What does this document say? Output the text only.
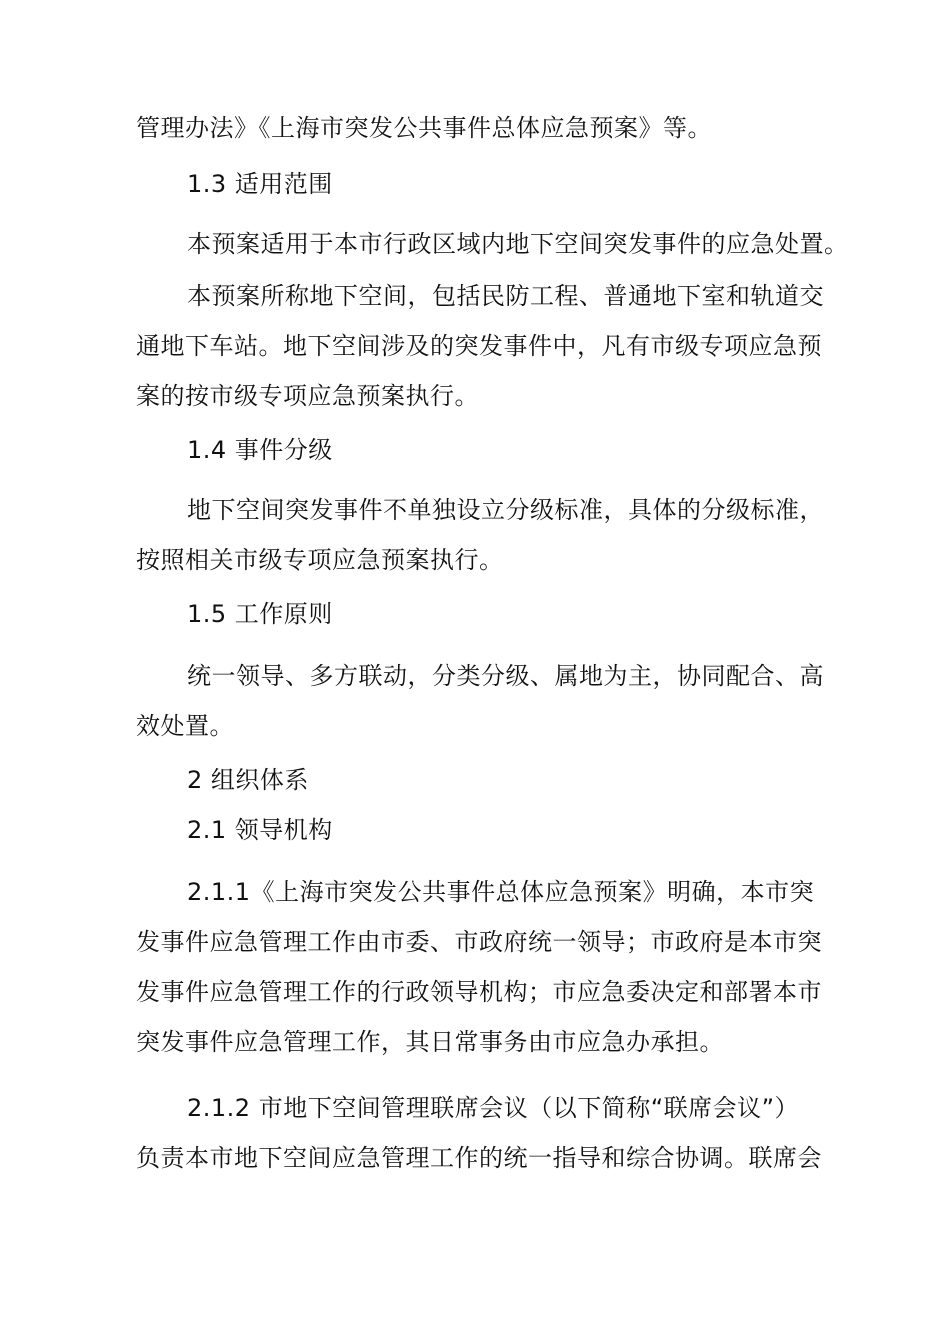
管理办法》《上海市突发公共事件总体应急预案》等。
1.3 适用范围
本预案适用于本市行政区域内地下空间突发事件的应急处置。
本预案所称地下空间，包括民防工程、普通地下室和轨道交
通地下车站。地下空间涉及的突发事件中，凡有市级专项应急预
案的按市级专项应急预案执行。
1.4 事件分级
地下空间突发事件不单独设立分级标准，具体的分级标准，
按照相关市级专项应急预案执行。
1.5 工作原则
统一领导、多方联动，分类分级、属地为主，协同配合、高
效处置。
2 组织体系
2.1 领导机构
2.1.1《上海市突发公共事件总体应急预案》明确，本市突
发事件应急管理工作由市委、市政府统一领导；市政府是本市突
发事件应急管理工作的行政领导机构；市应急委决定和部署本市
突发事件应急管理工作，其日常事务由市应急办承担。
2.1.2 市地下空间管理联席会议（以下简称“联席会议”）
负责本市地下空间应急管理工作的统一指导和综合协调。联席会
